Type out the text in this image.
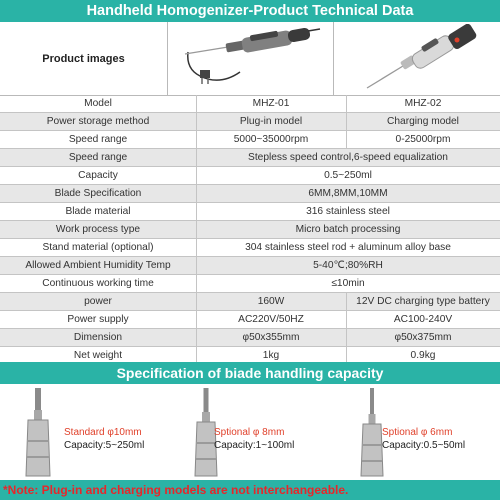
Handheld Homogenizer-Product Technical Data
Product images
Model	MHZ-01	MHZ-02
Power storage method	Plug-in model	Charging model
Speed range	5000~35000rpm	0-25000rpm
Speed range	Stepless speed control,6-speed equalization
Capacity	0.5~250ml
Blade Specification	6MM,8MM,10MM
Blade material	316 stainless steel
Work process type	Micro batch processing
Stand material (optional)	304 stainless steel rod + aluminum alloy base
Allowed Ambient Humidity Temp	5-40℃;80%RH
Continuous working time	≤10min
power	160W	12V DC charging type battery
Power supply	AC220V/50HZ	AC100-240V
Dimension	φ50x355mm	φ50x375mm
Net weight	1kg	0.9kg
Specification of biade handling capacity
Standard φ10mm
Capacity:5~250ml
Sptional φ 8mm
Capacity:1~100ml
Sptional φ 6mm
Capacity:0.5~50ml
*Note: Plug-in and charging models are not interchangeable.
